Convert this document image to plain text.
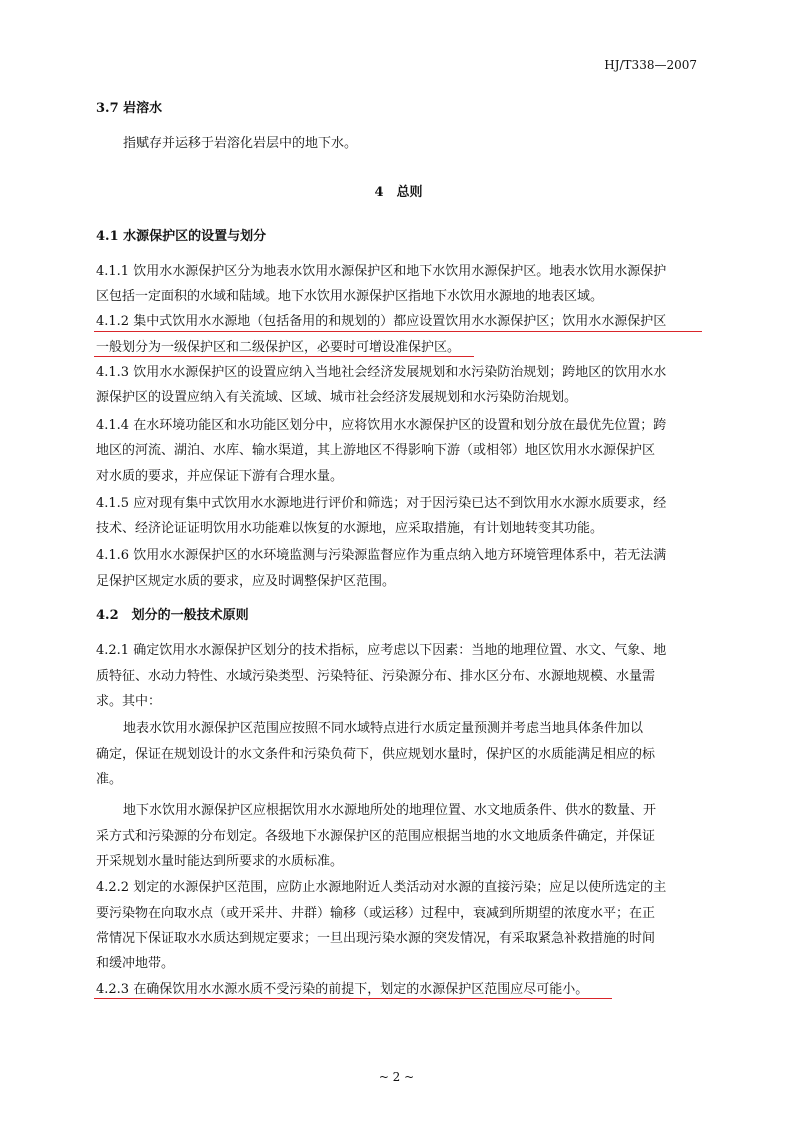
HJ/T338—2007
3.7 岩溶水
指赋存并运移于岩溶化岩层中的地下水。
4　总则
4.1 水源保护区的设置与划分
4.1.1 饮用水水源保护区分为地表水饮用水源保护区和地下水饮用水源保护区。地表水饮用水源保护
区包括一定面积的水域和陆域。地下水饮用水源保护区指地下水饮用水源地的地表区域。
4.1.2 集中式饮用水水源地（包括备用的和规划的）都应设置饮用水水源保护区；饮用水水源保护区
一般划分为一级保护区和二级保护区，必要时可增设准保护区。
4.1.3 饮用水水源保护区的设置应纳入当地社会经济发展规划和水污染防治规划；跨地区的饮用水水
源保护区的设置应纳入有关流域、区域、城市社会经济发展规划和水污染防治规划。
4.1.4 在水环境功能区和水功能区划分中，应将饮用水水源保护区的设置和划分放在最优先位置；跨
地区的河流、湖泊、水库、输水渠道，其上游地区不得影响下游（或相邻）地区饮用水水源保护区
对水质的要求，并应保证下游有合理水量。
4.1.5 应对现有集中式饮用水水源地进行评价和筛选；对于因污染已达不到饮用水水源水质要求，经
技术、经济论证证明饮用水功能难以恢复的水源地，应采取措施，有计划地转变其功能。
4.1.6 饮用水水源保护区的水环境监测与污染源监督应作为重点纳入地方环境管理体系中，若无法满
足保护区规定水质的要求，应及时调整保护区范围。
4.2　划分的一般技术原则
4.2.1 确定饮用水水源保护区划分的技术指标，应考虑以下因素：当地的地理位置、水文、气象、地
质特征、水动力特性、水域污染类型、污染特征、污染源分布、排水区分布、水源地规模、水量需
求。其中：
地表水饮用水源保护区范围应按照不同水域特点进行水质定量预测并考虑当地具体条件加以
确定，保证在规划设计的水文条件和污染负荷下，供应规划水量时，保护区的水质能满足相应的标
准。
地下水饮用水源保护区应根据饮用水水源地所处的地理位置、水文地质条件、供水的数量、开
采方式和污染源的分布划定。各级地下水源保护区的范围应根据当地的水文地质条件确定，并保证
开采规划水量时能达到所要求的水质标准。
4.2.2 划定的水源保护区范围，应防止水源地附近人类活动对水源的直接污染；应足以使所选定的主
要污染物在向取水点（或开采井、井群）输移（或运移）过程中，衰减到所期望的浓度水平；在正
常情况下保证取水水质达到规定要求；一旦出现污染水源的突发情况，有采取紧急补救措施的时间
和缓冲地带。
4.2.3 在确保饮用水水源水质不受污染的前提下，划定的水源保护区范围应尽可能小。
~ 2 ~
